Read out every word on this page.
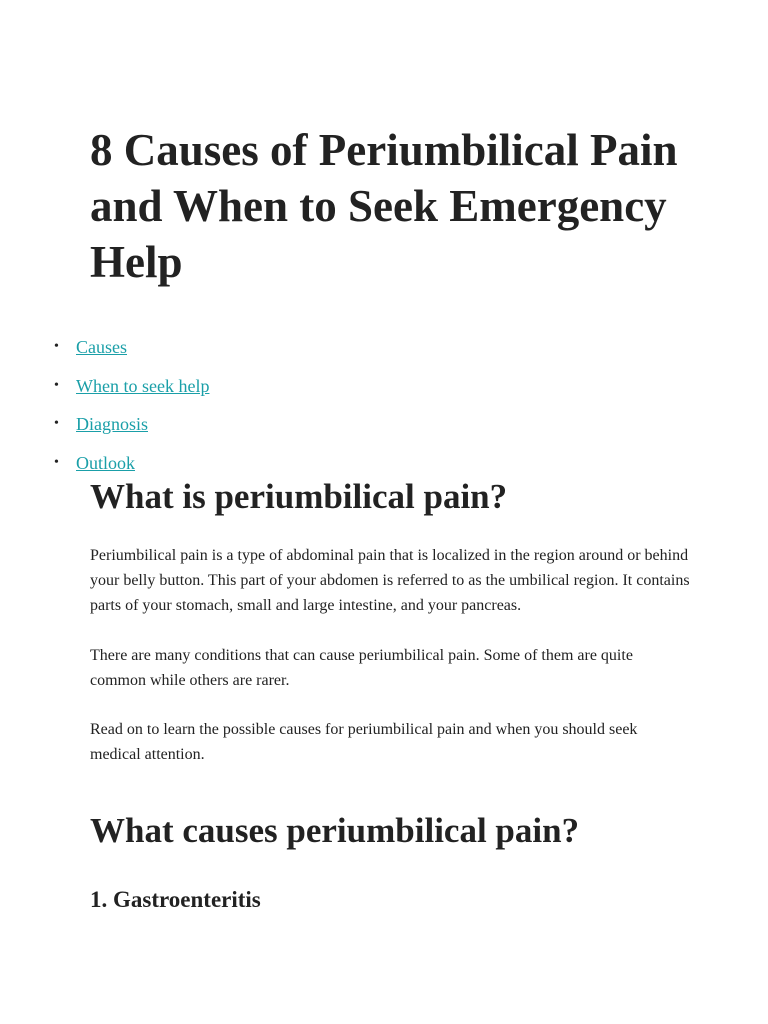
8 Causes of Periumbilical Pain and When to Seek Emergency Help
• Causes
• When to seek help
• Diagnosis
• Outlook
What is periumbilical pain?

Periumbilical pain is a type of abdominal pain that is localized in the region around or behind your belly button. This part of your abdomen is referred to as the umbilical region. It contains parts of your stomach, small and large intestine, and your pancreas.

There are many conditions that can cause periumbilical pain. Some of them are quite common while others are rarer.

Read on to learn the possible causes for periumbilical pain and when you should seek medical attention.

What causes periumbilical pain?
1. Gastroenteritis
